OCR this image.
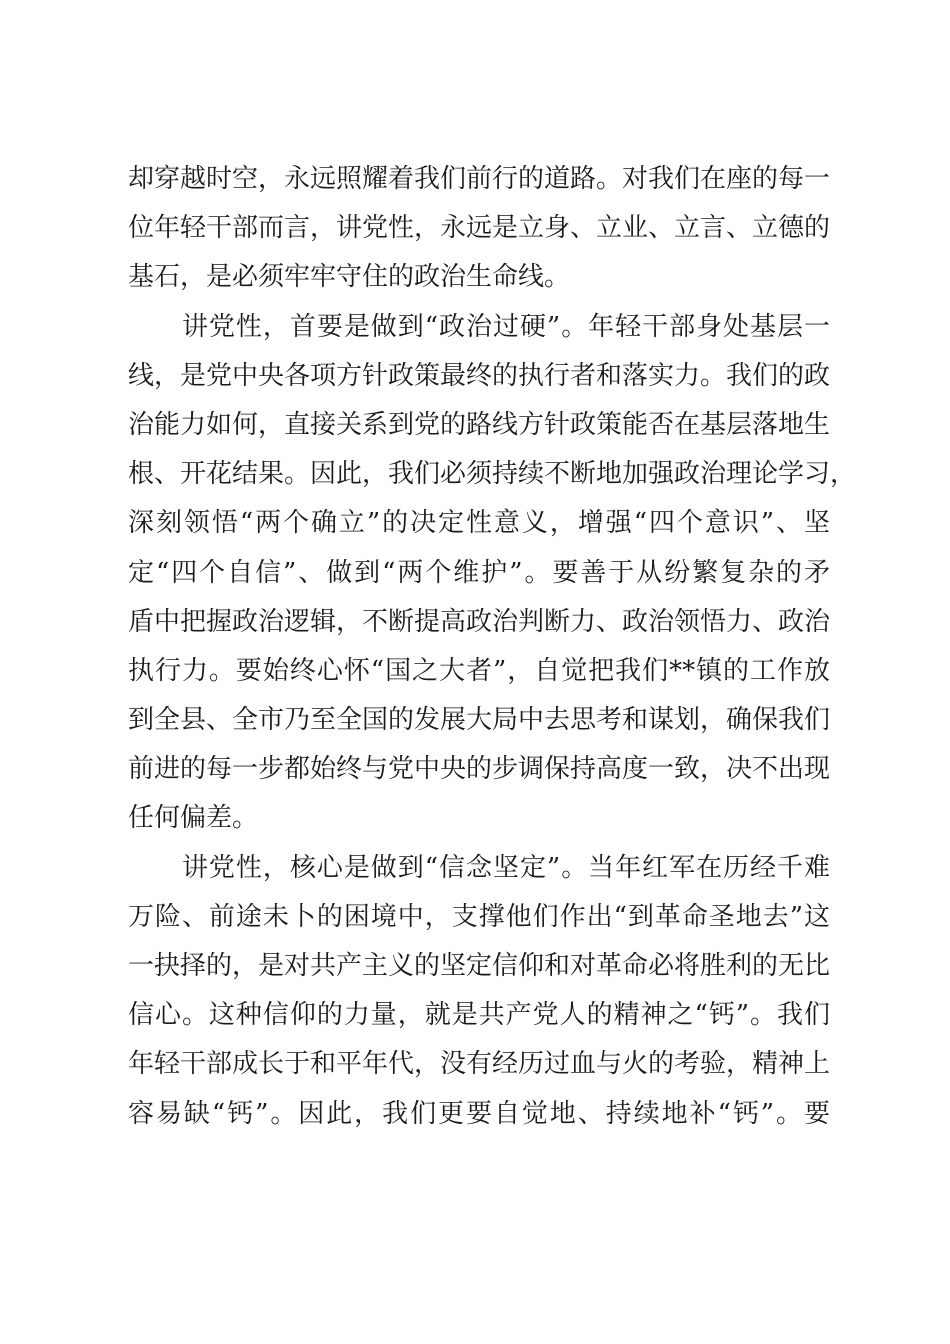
却穿越时空，永远照耀着我们前行的道路。对我们在座的每一
位年轻干部而言，讲党性，永远是立身、立业、立言、立德的
基石，是必须牢牢守住的政治生命线。
　　讲党性，首要是做到“政治过硬”。年轻干部身处基层一
线，是党中央各项方针政策最终的执行者和落实力。我们的政
治能力如何，直接关系到党的路线方针政策能否在基层落地生
根、开花结果。因此，我们必须持续不断地加强政治理论学习，
深刻领悟“两个确立”的决定性意义，增强“四个意识”、坚
定“四个自信”、做到“两个维护”。要善于从纷繁复杂的矛
盾中把握政治逻辑，不断提高政治判断力、政治领悟力、政治
执行力。要始终心怀“国之大者”，自觉把我们**镇的工作放
到全县、全市乃至全国的发展大局中去思考和谋划，确保我们
前进的每一步都始终与党中央的步调保持高度一致，决不出现
任何偏差。
　　讲党性，核心是做到“信念坚定”。当年红军在历经千难
万险、前途未卜的困境中，支撑他们作出“到革命圣地去”这
一抉择的，是对共产主义的坚定信仰和对革命必将胜利的无比
信心。这种信仰的力量，就是共产党人的精神之“钙”。我们
年轻干部成长于和平年代，没有经历过血与火的考验，精神上
容易缺“钙”。因此，我们更要自觉地、持续地补“钙”。要
